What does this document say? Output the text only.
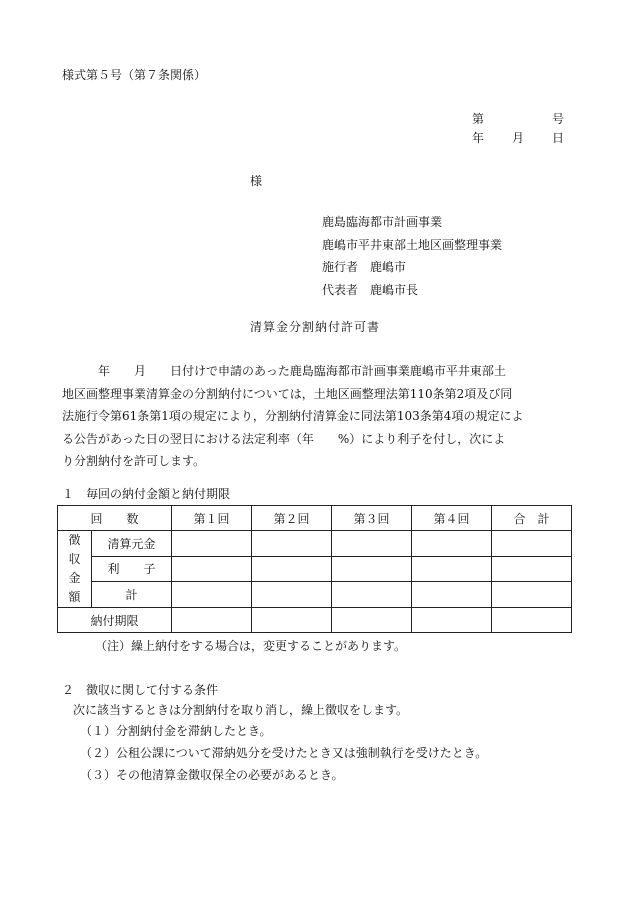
様式第５号（第７条関係）
第	号
年 月 日
様
鹿島臨海都市計画事業
鹿嶋市平井東部土地区画整理事業
施行者　鹿嶋市
代表者　鹿嶋市長
清算金分割納付許可書

　　　年　　月　　日付けで申請のあった鹿島臨海都市計画事業鹿嶋市平井東部土

地区画整理事業清算金の分割納付については，土地区画整理法第110条第2項及び同

法施行令第61条第1項の規定により，分割納付清算金に同法第103条第4項の規定によ

る公告があった日の翌日における法定利率（年　　%）により利子を付し，次によ

り分割納付を許可します。

１　毎回の納付金額と納付期限
回　　数		第１回	第２回	第３回	第４回	合　計

徴収金額	清算元金					
	利　　子					
	計					
納付期限						
（注）繰上納付をする場合は，変更することがあります。
２　徴収に関して付する条件
次に該当するときは分割納付を取り消し，繰上徴収をします。
（１）分割納付金を滞納したとき。
（２）公租公課について滞納処分を受けたとき又は強制執行を受けたとき。
（３）その他清算金徴収保全の必要があるとき。
